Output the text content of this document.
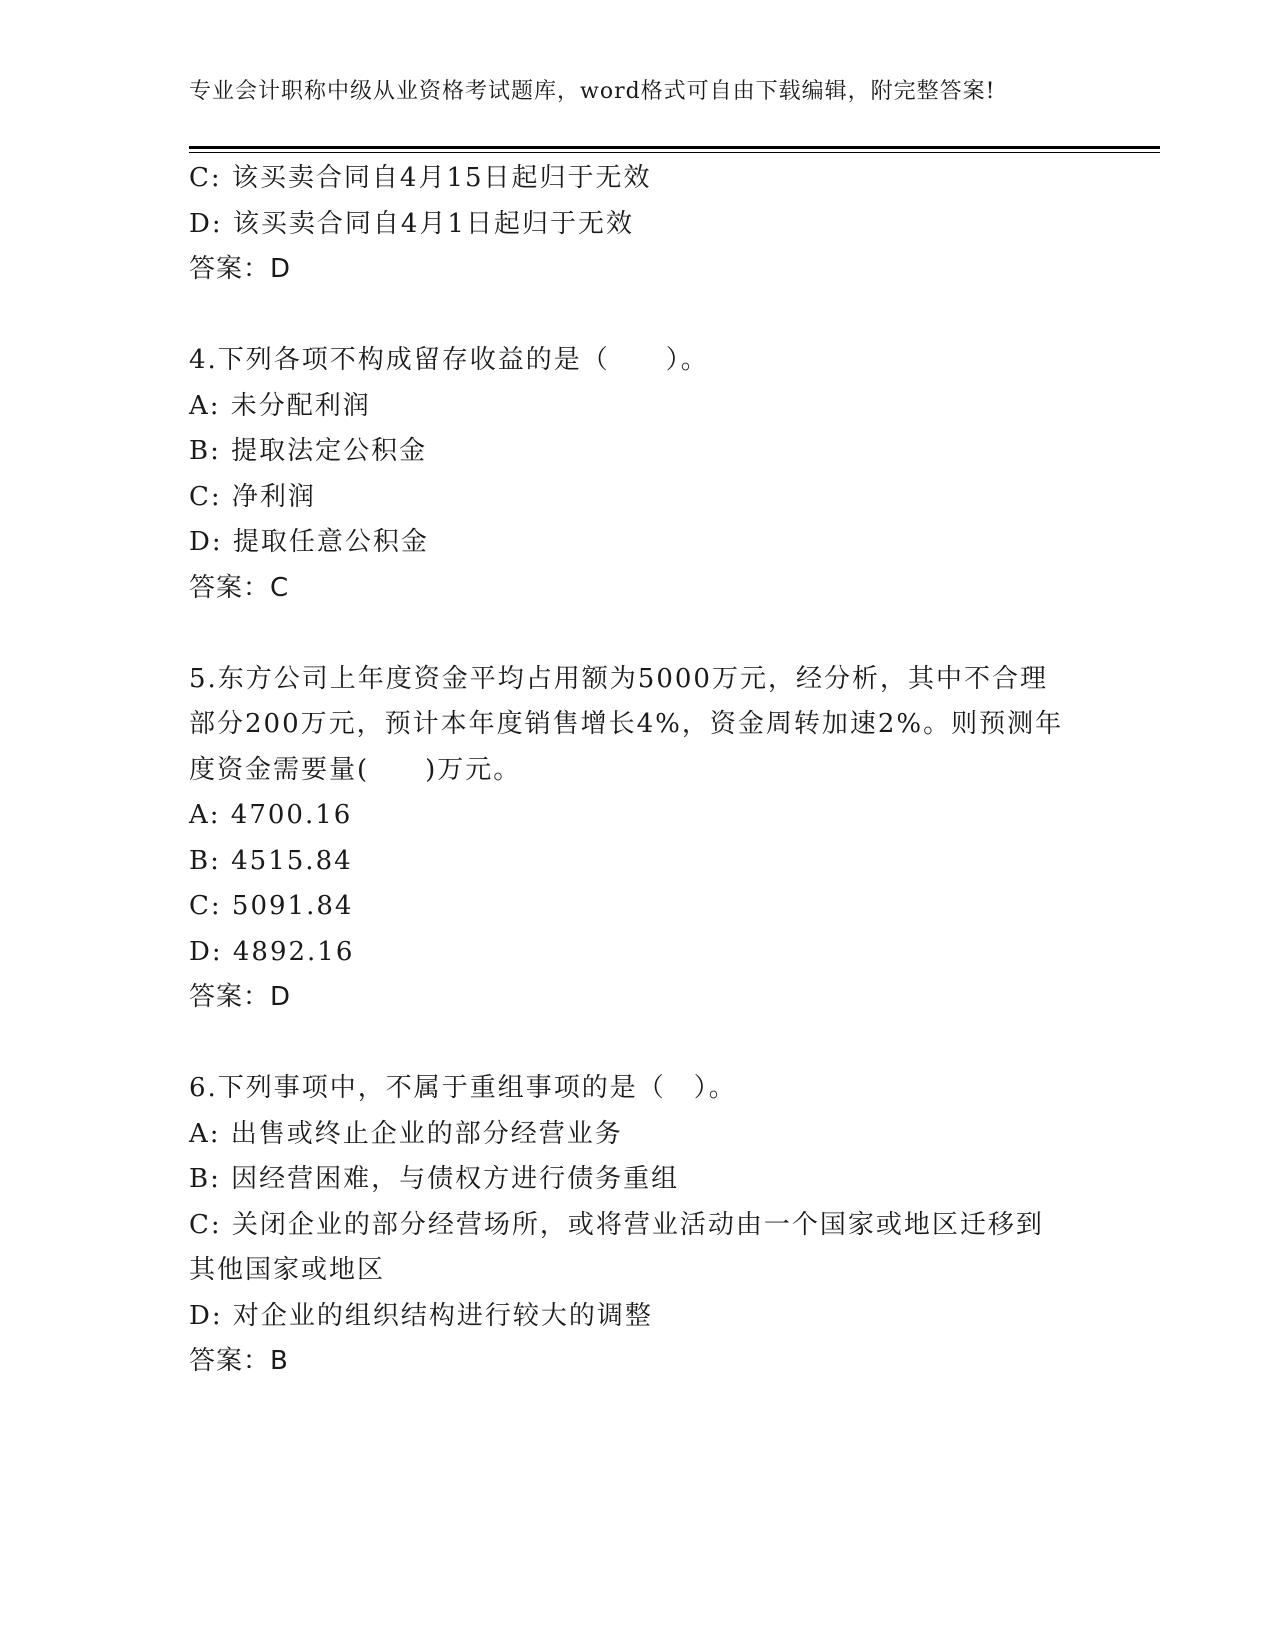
专业会计职称中级从业资格考试题库，word格式可自由下载编辑，附完整答案!
C: 该买卖合同自4月15日起归于无效
D: 该买卖合同自4月1日起归于无效
答案：D
4.下列各项不构成留存收益的是（　　）。
A: 未分配利润
B: 提取法定公积金
C: 净利润
D: 提取任意公积金
答案：C
5.东方公司上年度资金平均占用额为5000万元，经分析，其中不合理
部分200万元，预计本年度销售增长4%，资金周转加速2%。则预测年
度资金需要量(　　)万元。
A: 4700.16
B: 4515.84
C: 5091.84
D: 4892.16
答案：D
6.下列事项中，不属于重组事项的是（　）。
A: 出售或终止企业的部分经营业务
B: 因经营困难，与债权方进行债务重组
C: 关闭企业的部分经营场所，或将营业活动由一个国家或地区迁移到
其他国家或地区
D: 对企业的组织结构进行较大的调整
答案：B
